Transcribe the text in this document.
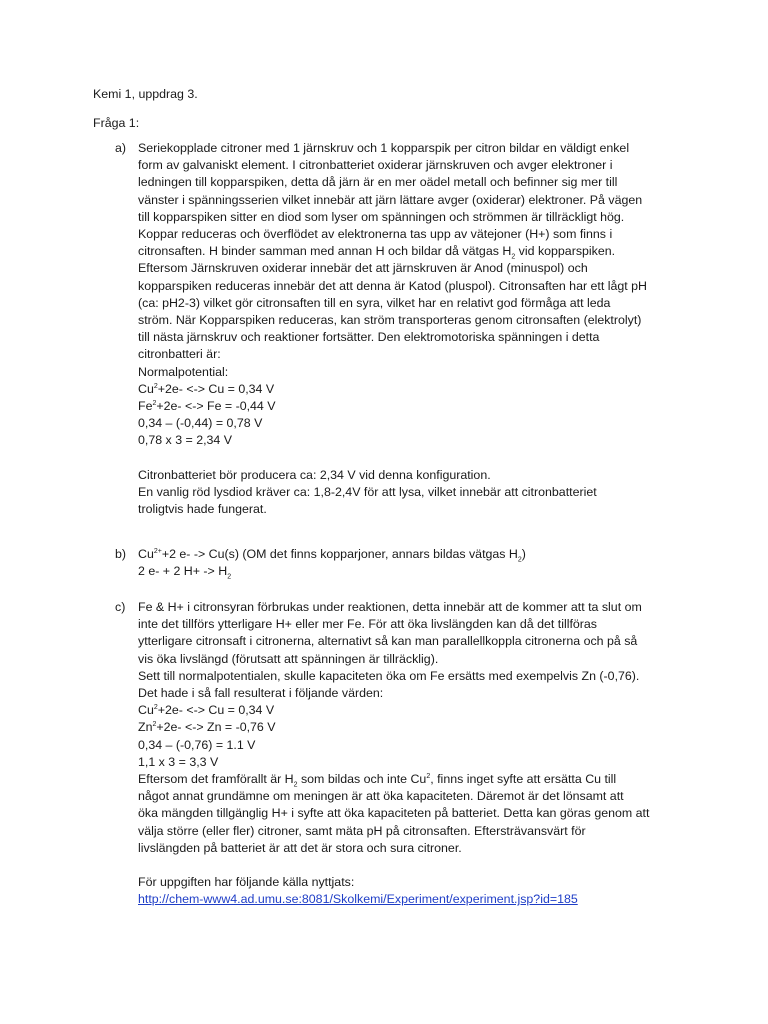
Kemi 1, uppdrag 3.
Fråga 1:
a) Seriekopplade citroner med 1 järnskruv och 1 kopparspik per citron bildar en väldigt enkel

form av galvaniskt element. I citronbatteriet oxiderar järnskruven och avger elektroner i

ledningen till kopparspiken, detta då järn är en mer oädel metall och befinner sig mer till

vänster i spänningsserien vilket innebär att järn lättare avger (oxiderar) elektroner. På vägen

till kopparspiken sitter en diod som lyser om spänningen och strömmen är tillräckligt hög.

Koppar reduceras och överflödet av elektronerna tas upp av vätejoner (H+) som finns i

citronsaften. H binder samman med annan H och bildar då vätgas $H_2$ vid kopparspiken.

Eftersom Järnskruven oxiderar innebär det att järnskruven är Anod (minuspol) och

kopparspiken reduceras innebär det att denna är Katod (pluspol). Citronsaften har ett lågt pH

(ca: pH2-3) vilket gör citronsaften till en syra, vilket har en relativt god förmåga att leda

ström. När Kopparspiken reduceras, kan ström transporteras genom citronsaften (elektrolyt)

till nästa järnskruv och reaktioner fortsätter. Den elektromotoriska spänningen i detta

citronbatteri är:

Normalpotential:

$Cu^2+2e-$ <-> Cu = 0,34 V

$Fe^2+2e-$ <-> Fe = -0,44 V

0,34 – (-0,44) = 0,78 V

0,78 x 3 = 2,34 V

Citronbatteriet bör producera ca: 2,34 V vid denna konfiguration.

En vanlig röd lysdiod kräver ca: 1,8-2,4V för att lysa, vilket innebär att citronbatteriet

troligtvis hade fungerat.

b) $Cu^{2+}+2$ e- -> Cu(s) (OM det finns kopparjoner, annars bildas vätgas $H_2$)

2 e- + 2 $H+ -> H_2$

c) Fe & H+ i citronsyran förbrukas under reaktionen, detta innebär att de kommer att ta slut om

inte det tillförs ytterligare H+ eller mer Fe. För att öka livslängden kan då det tillföras

ytterligare citronsaft i citronerna, alternativt så kan man parallellkoppla citronerna och på så

vis öka livslängd (förutsatt att spänningen är tillräcklig).

Sett till normalpotentialen, skulle kapaciteten öka om Fe ersätts med exempelvis Zn (-0,76).

Det hade i så fall resulterat i följande värden:

$Cu^2+2e-$ <-> Cu = 0,34 V

$Zn^2+2e-$ <-> Zn = -0,76 V

0,34 – (-0,76) = 1.1 V

1,1 x 3 = 3,3 V

Eftersom det framförallt är $H_2$ som bildas och inte Cu$^2$, finns inget syfte att ersätta Cu till

något annat grundämne om meningen är att öka kapaciteten. Däremot är det lönsamt att

öka mängden tillgänglig H+ i syfte att öka kapaciteten på batteriet. Detta kan göras genom att

välja större (eller fler) citroner, samt mäta pH på citronsaften. Eftersträvansvärt för

livslängden på batteriet är att det är stora och sura citroner.

För uppgiften har följande källa nyttjats:

http://chem-www4.ad.umu.se:8081/Skolkemi/Experiment/experiment.jsp?id=185
